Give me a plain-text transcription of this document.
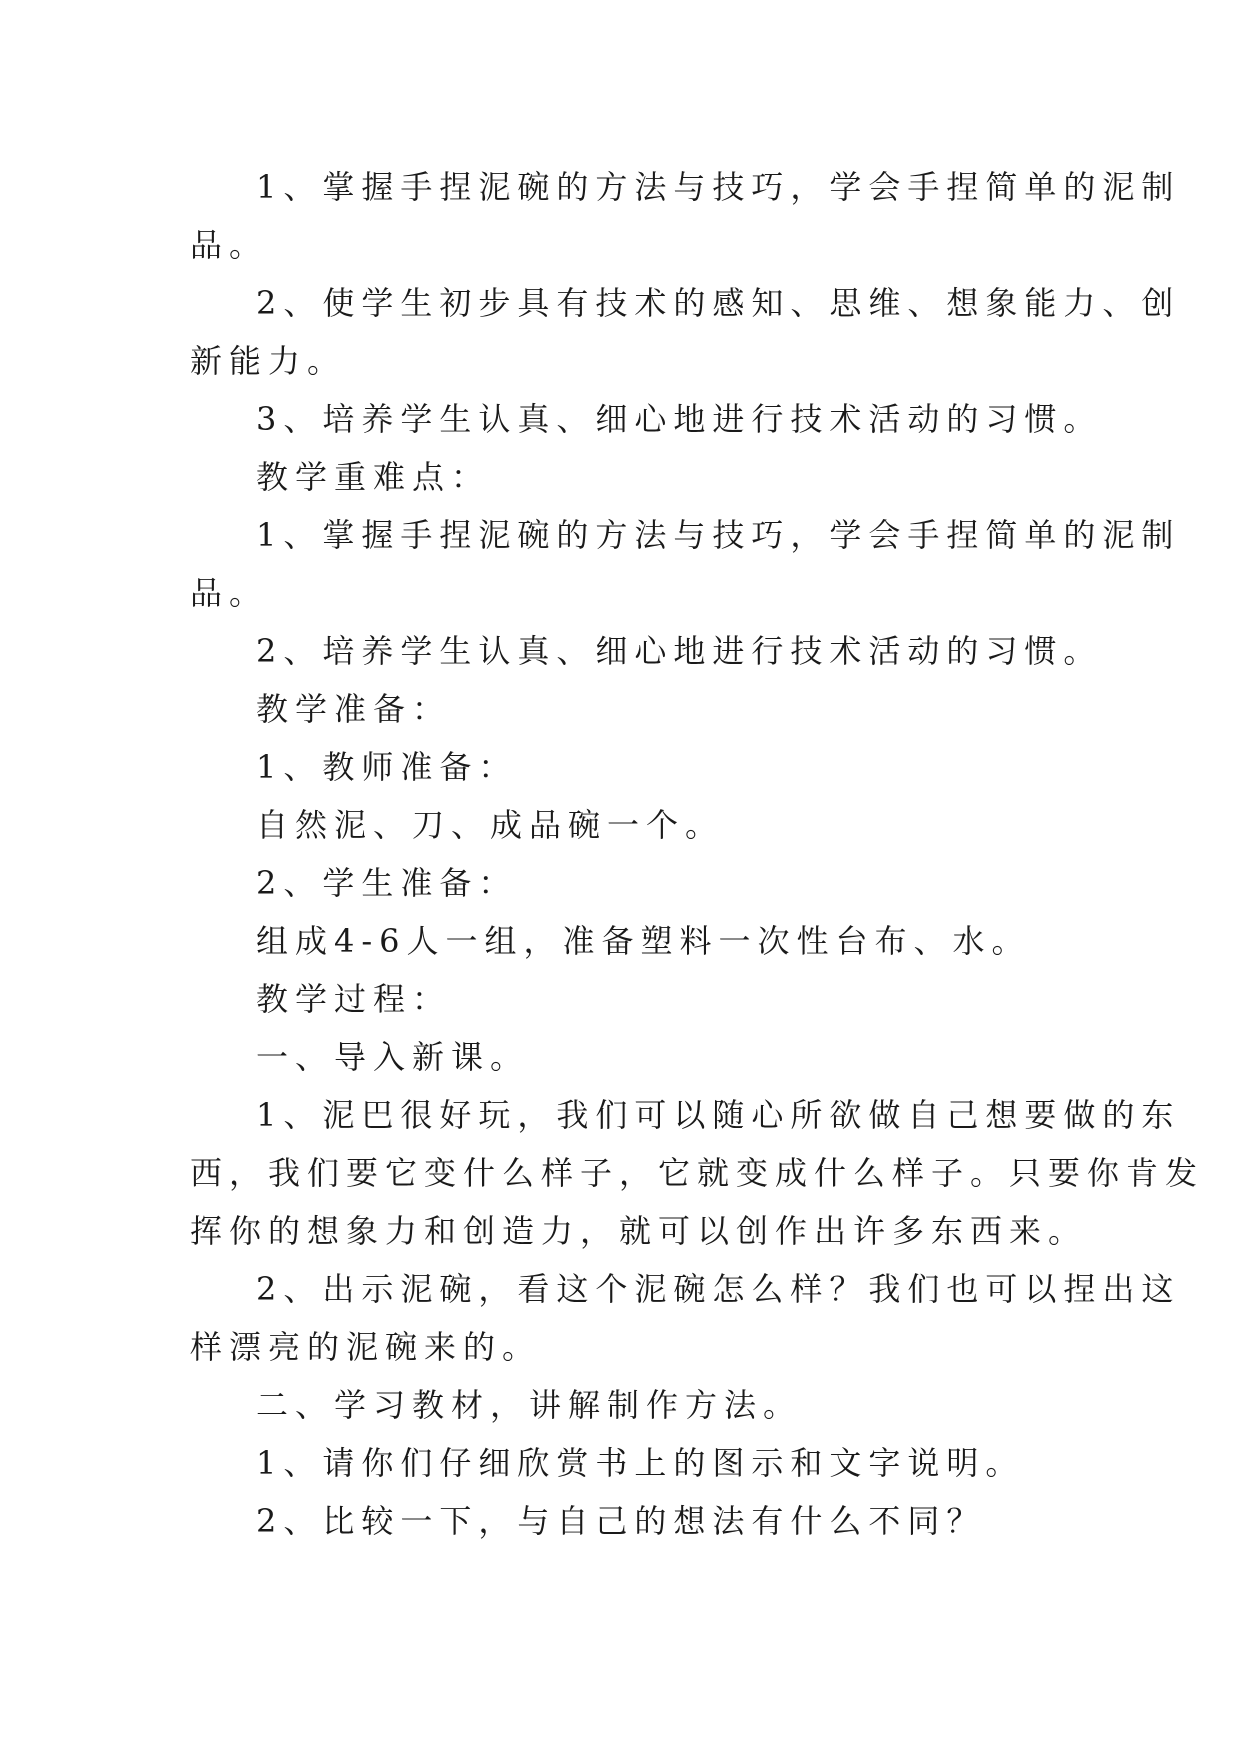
1、掌握手捏泥碗的方法与技巧，学会手捏简单的泥制
品。
2、使学生初步具有技术的感知、思维、想象能力、创
新能力。
3、培养学生认真、细心地进行技术活动的习惯。
教学重难点：
1、掌握手捏泥碗的方法与技巧，学会手捏简单的泥制
品。
2、培养学生认真、细心地进行技术活动的习惯。
教学准备：
1、教师准备：
自然泥、刀、成品碗一个。
2、学生准备：
组成4-6人一组，准备塑料一次性台布、水。
教学过程：
一、导入新课。
1、泥巴很好玩，我们可以随心所欲做自己想要做的东
西，我们要它变什么样子，它就变成什么样子。只要你肯发
挥你的想象力和创造力，就可以创作出许多东西来。
2、出示泥碗，看这个泥碗怎么样？我们也可以捏出这
样漂亮的泥碗来的。
二、学习教材，讲解制作方法。
1、请你们仔细欣赏书上的图示和文字说明。
2、比较一下，与自己的想法有什么不同？
